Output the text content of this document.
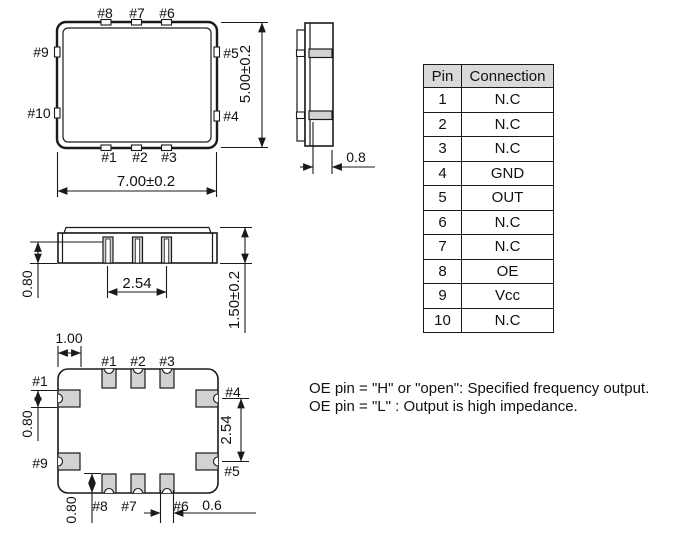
#8 #7 #6
#9
#10
#5
#4
#1 #2 #3
7.00±0.2
5.00±0.2
0.8
0.80	2.54	1.50±0.2
#1 #2 #3
#1
#9
#4
#5
#8 #7	#6
1.00
0.80	2.54
0.80	0.6
Pin	Connection
1	N.C
2	N.C
3	N.C
4	GND
5	OUT
6	N.C
7	N.C
8	OE
9	Vcc
10	N.C

OE pin = "H" or "open": Specified frequency output.

OE pin = "L" : Output is high impedance.
